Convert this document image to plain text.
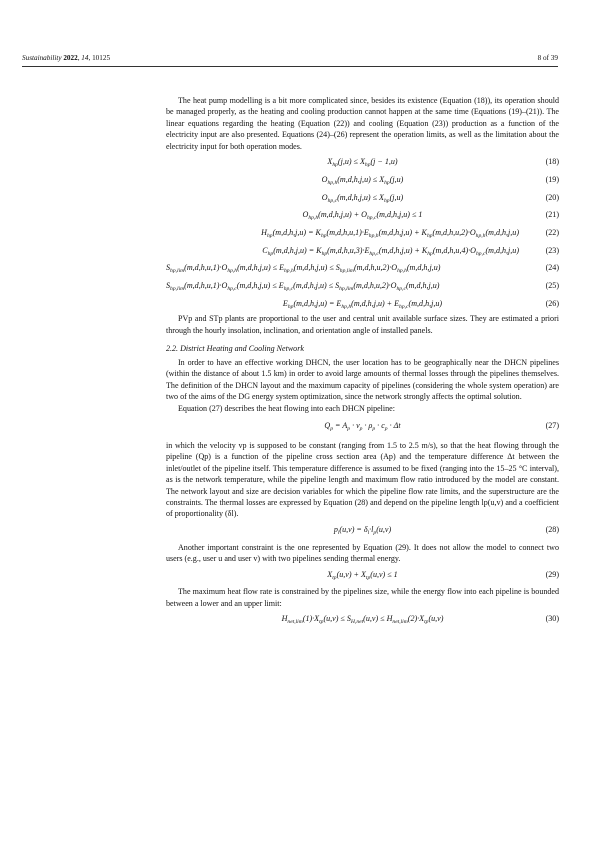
Sustainability 2022, 14, 10125	8 of 39

The heat pump modelling is a bit more complicated since, besides its existence (Equation (18)), its operation should be managed properly, as the heating and cooling production cannot happen at the same time (Equations (19)–(21)). The linear equations regarding the heating (Equation (22)) and cooling (Equation (23)) production as a function of the electricity input are also presented. Equations (24)–(26) represent the operation limits, as well as the limitation about the electricity input for both operation modes.

$X_{hp}(j,u) \le X_{hp}(j - 1,u)$	(18)
$O_{hp,h}(m,d,h,j,u) \le X_{hp}(j,u)$	(19)
$O_{hp,c}(m,d,h,j,u) \le X_{hp}(j,u)$	(20)
$O_{hp,h}(m,d,h,j,u) + O_{hp,c}(m,d,h,j,u) \le 1$	(21)
$H_{hp}(m,d,h,j,u) = K_{hp}(m,d,h,u,1)\cdot E_{hp,h}(m,d,h,j,u) + K_{hp}(m,d,h,u,2)\cdot O_{hp,h}(m,d,h,j,u)$	(22)
$C_{hp}(m,d,h,j,u) = K_{hp}(m,d,h,u,3)\cdot E_{hp,c}(m,d,h,j,u) + K_{hp}(m,d,h,u,4)\cdot O_{hp,c}(m,d,h,j,u)$	(23)
$S_{hp,lim}(m,d,h,u,1)\cdot O_{hp,h}(m,d,h,j,u) \le E_{hp,h}(m,d,h,j,u) \le S_{hp,lim}(m,d,h,u,2)\cdot O_{hp,h}(m,d,h,j,u)$	(24)
$S_{hp,lim}(m,d,h,u,1)\cdot O_{hp,c}(m,d,h,j,u) \le E_{hp,c}(m,d,h,j,u) \le S_{hp,lim}(m,d,h,u,2)\cdot O_{hp,c}(m,d,h,j,u)$	(25)
$E_{hp}(m,d,h,j,u) = E_{hp,h}(m,d,h,j,u) + E_{hp,c}(m,d,h,j,u)$	(26)

PVp and STp plants are proportional to the user and central unit available surface sizes. They are estimated a priori through the hourly insolation, inclination, and orientation angle of installed panels.

2.2. District Heating and Cooling Network

In order to have an effective working DHCN, the user location has to be geographically near the DHCN pipelines (within the distance of about 1.5 km) in order to avoid large amounts of thermal losses through the pipelines themselves. The definition of the DHCN layout and the maximum capacity of pipelines (considering the whole system operation) are two of the aims of the DG energy system optimization, since the network strongly affects the optimal solution.

Equation (27) describes the heat flowing into each DHCN pipeline:

$Q_p = A_p \cdot v_p \cdot \rho_p \cdot c_p \cdot \Delta t$	(27)

in which the velocity vp is supposed to be constant (ranging from 1.5 to 2.5 m/s), so that the heat flowing through the pipeline (Qp) is a function of the pipeline cross section area (Ap) and the temperature difference Δt between the inlet/outlet of the pipeline itself. This temperature difference is assumed to be fixed (ranging into the 15–25 °C interval), as is the network temperature, while the pipeline length and maximum flow ratio introduced by the model are constant. The network layout and size are decision variables for which the pipeline flow rate limits, and the superstructure are the constraints. The thermal losses are expressed by Equation (28) and depend on the pipeline length lp(u,v) and a coefficient of proportionality (δl).

$p_l(u,v) = \delta_l\cdot l_p(u,v)$	(28)

Another important constraint is the one represented by Equation (29). It does not allow the model to connect two users (e.g., user u and user v) with two pipelines sending thermal energy.

$X_{tp}(u,v) + X_{tp}(u,v) \le 1$	(29)

The maximum heat flow rate is constrained by the pipelines size, while the energy flow into each pipeline is bounded between a lower and an upper limit:

$H_{net,lim}(1)\cdot X_{tp}(u,v) \le S_{H,net}(u,v) \le H_{net,lim}(2)\cdot X_{tp}(u,v)$	(30)
